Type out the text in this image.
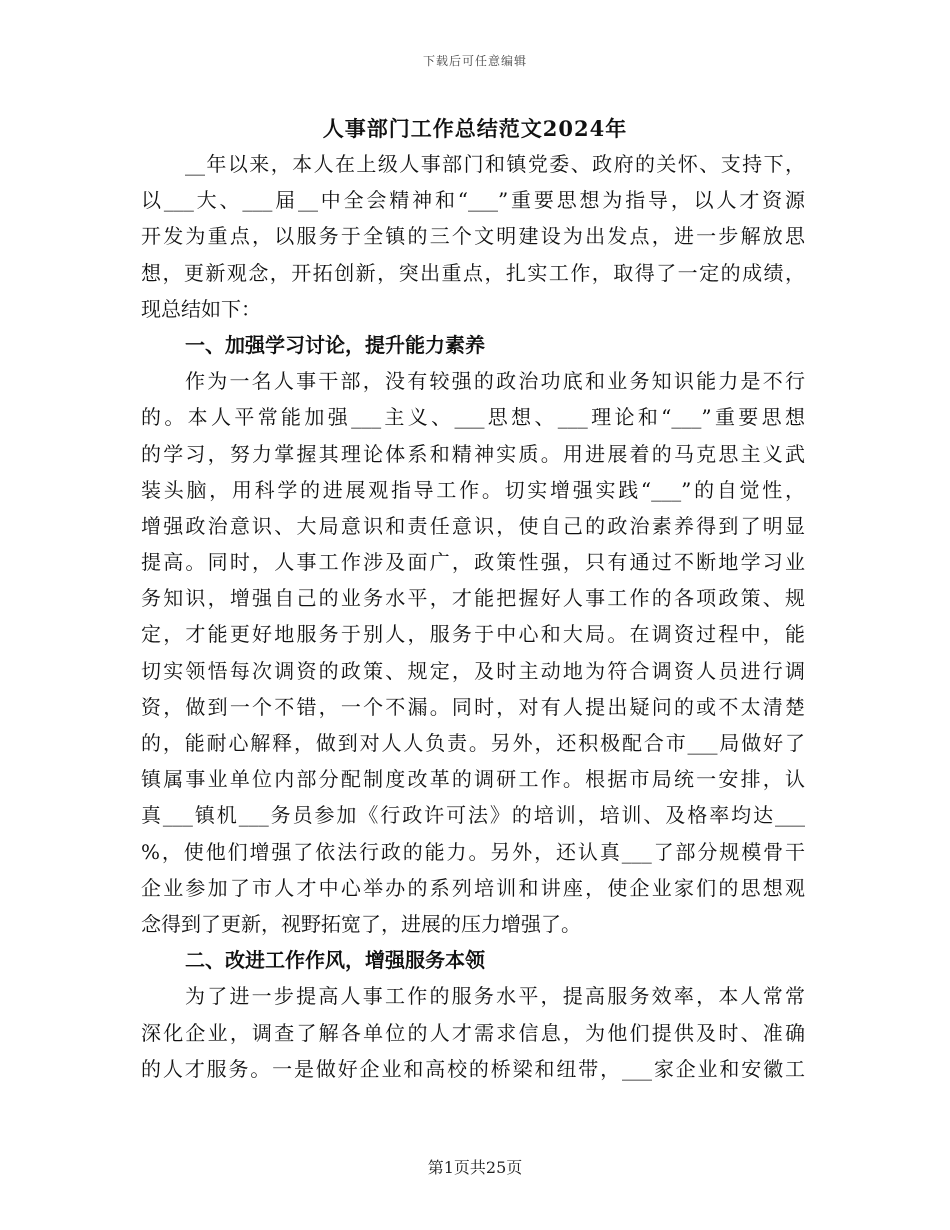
下载后可任意编辑
人事部门工作总结范文2024年
__年以来，本人在上级人事部门和镇党委、政府的关怀、支持下，
以___大、___届__中全会精神和“___”重要思想为指导，以人才资源
开发为重点，以服务于全镇的三个文明建设为出发点，进一步解放思
想，更新观念，开拓创新，突出重点，扎实工作，取得了一定的成绩，
现总结如下：
一、加强学习讨论，提升能力素养
作为一名人事干部，没有较强的政治功底和业务知识能力是不行
的。本人平常能加强___主义、___思想、___理论和“___”重要思想
的学习，努力掌握其理论体系和精神实质。用进展着的马克思主义武
装头脑，用科学的进展观指导工作。切实增强实践“___”的自觉性，
增强政治意识、大局意识和责任意识，使自己的政治素养得到了明显
提高。同时，人事工作涉及面广，政策性强，只有通过不断地学习业
务知识，增强自己的业务水平，才能把握好人事工作的各项政策、规
定，才能更好地服务于别人，服务于中心和大局。在调资过程中，能
切实领悟每次调资的政策、规定，及时主动地为符合调资人员进行调
资，做到一个不错，一个不漏。同时，对有人提出疑问的或不太清楚
的，能耐心解释，做到对人人负责。另外，还积极配合市___局做好了
镇属事业单位内部分配制度改革的调研工作。根据市局统一安排，认
真___镇机___务员参加《行政许可法》的培训，培训、及格率均达___
%，使他们增强了依法行政的能力。另外，还认真___了部分规模骨干
企业参加了市人才中心举办的系列培训和讲座，使企业家们的思想观
念得到了更新，视野拓宽了，进展的压力增强了。
二、改进工作作风，增强服务本领
为了进一步提高人事工作的服务水平，提高服务效率，本人常常
深化企业，调查了解各单位的人才需求信息，为他们提供及时、准确
的人才服务。一是做好企业和高校的桥梁和纽带，___家企业和安徽工
第1页共25页
